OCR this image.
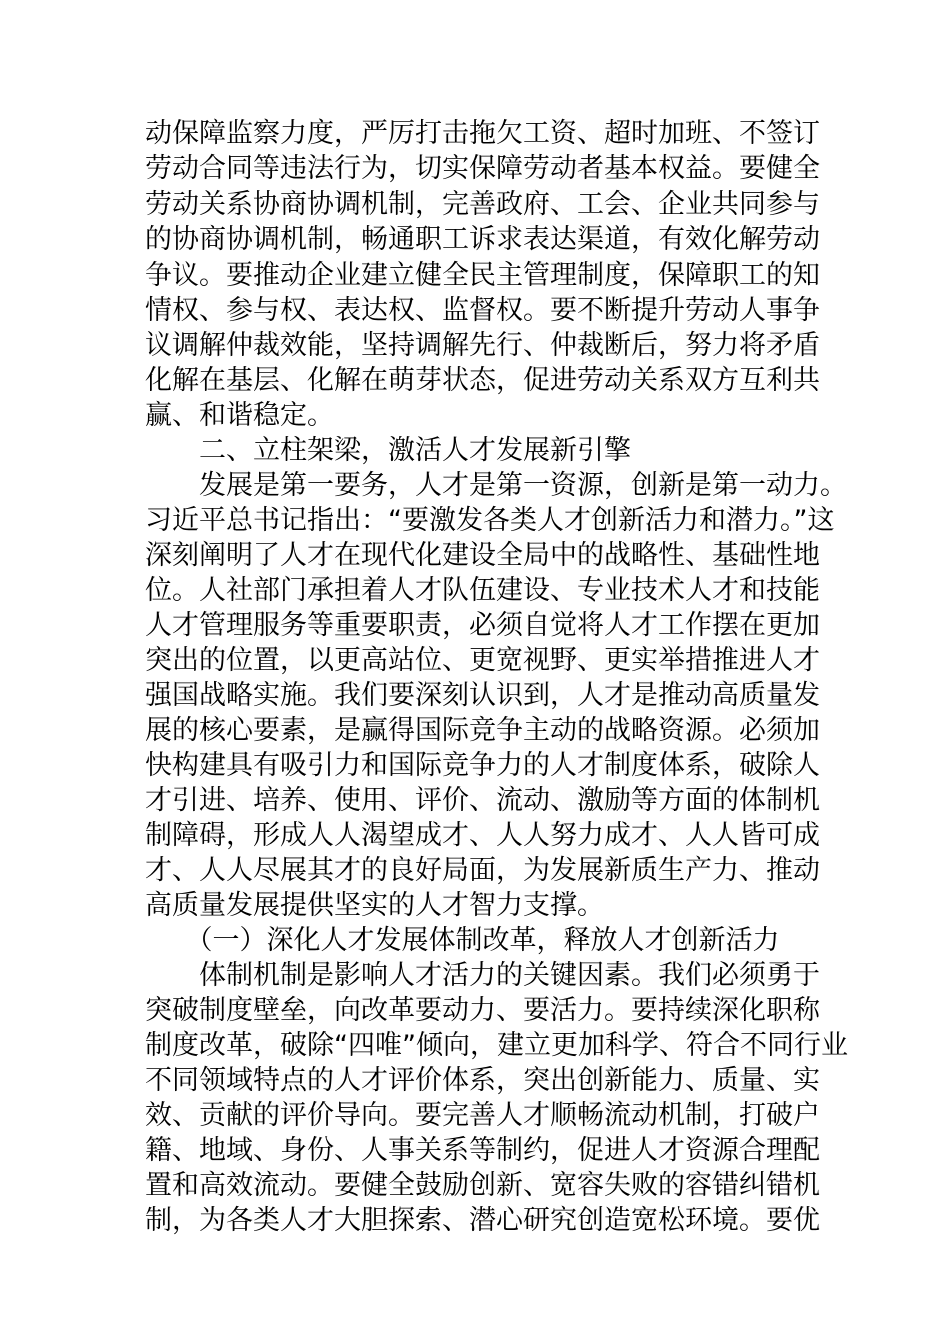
动保障监察力度，严厉打击拖欠工资、超时加班、不签订
劳动合同等违法行为，切实保障劳动者基本权益。要健全
劳动关系协商协调机制，完善政府、工会、企业共同参与
的协商协调机制，畅通职工诉求表达渠道，有效化解劳动
争议。要推动企业建立健全民主管理制度，保障职工的知
情权、参与权、表达权、监督权。要不断提升劳动人事争
议调解仲裁效能，坚持调解先行、仲裁断后，努力将矛盾
化解在基层、化解在萌芽状态，促进劳动关系双方互利共
赢、和谐稳定。
　　二、立柱架梁，激活人才发展新引擎
　　发展是第一要务，人才是第一资源，创新是第一动力。
习近平总书记指出：“要激发各类人才创新活力和潜力。”这
深刻阐明了人才在现代化建设全局中的战略性、基础性地
位。人社部门承担着人才队伍建设、专业技术人才和技能
人才管理服务等重要职责，必须自觉将人才工作摆在更加
突出的位置，以更高站位、更宽视野、更实举措推进人才
强国战略实施。我们要深刻认识到，人才是推动高质量发
展的核心要素，是赢得国际竞争主动的战略资源。必须加
快构建具有吸引力和国际竞争力的人才制度体系，破除人
才引进、培养、使用、评价、流动、激励等方面的体制机
制障碍，形成人人渴望成才、人人努力成才、人人皆可成
才、人人尽展其才的良好局面，为发展新质生产力、推动
高质量发展提供坚实的人才智力支撑。
　　（一）深化人才发展体制改革，释放人才创新活力
　　体制机制是影响人才活力的关键因素。我们必须勇于
突破制度壁垒，向改革要动力、要活力。要持续深化职称
制度改革，破除“四唯”倾向，建立更加科学、符合不同行业
不同领域特点的人才评价体系，突出创新能力、质量、实
效、贡献的评价导向。要完善人才顺畅流动机制，打破户
籍、地域、身份、人事关系等制约，促进人才资源合理配
置和高效流动。要健全鼓励创新、宽容失败的容错纠错机
制，为各类人才大胆探索、潜心研究创造宽松环境。要优
